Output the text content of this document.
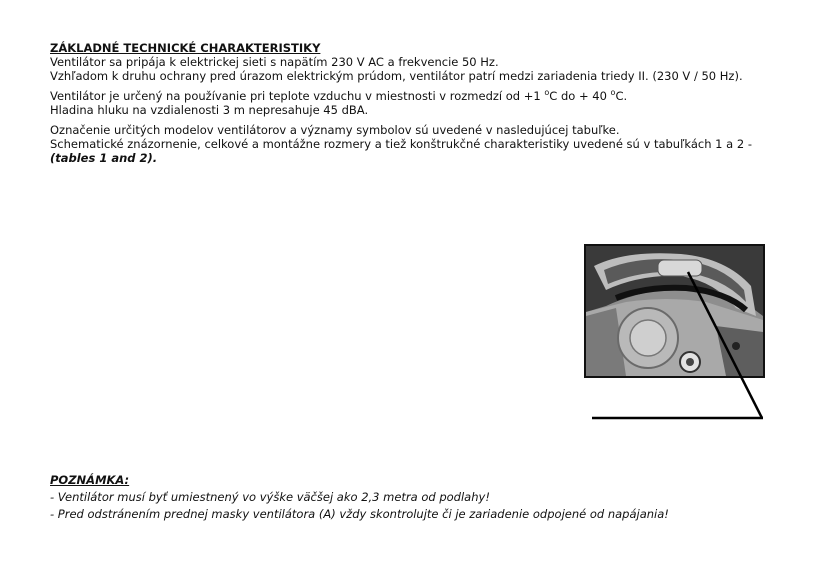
ZÁKLADNÉ TECHNICKÉ CHARAKTERISTIKY
Ventilátor sa pripája k elektrickej sieti s napätím 230 V AC a frekvencie 50 Hz.
Vzhľadom k druhu ochrany pred úrazom elektrickým prúdom, ventilátor patrí medzi zariadenia triedy II. (230 V / 50 Hz).
Ventilátor je určený na používanie pri teplote vzduchu v miestnosti v rozmedzí od +1 $^o$C do + 40 $^o$C.
Hladina hluku na vzdialenosti 3 m nepresahuje 45 dBA.
Označenie určitých modelov ventilátorov a významy symbolov sú uvedené v nasledujúcej tabuľke.
Schematické znázornenie, celkové a montážne rozmery a tiež konštrukčné charakteristiky uvedené sú v tabuľkách 1 a 2 -
(tables 1 and 2).
POZNÁMKA:
- Ventilátor musí byť umiestnený vo výške väčšej ako 2,3 metra od podlahy!
- Pred odstránením prednej masky ventilátora (A) vždy skontrolujte či je zariadenie odpojené od napájania!
